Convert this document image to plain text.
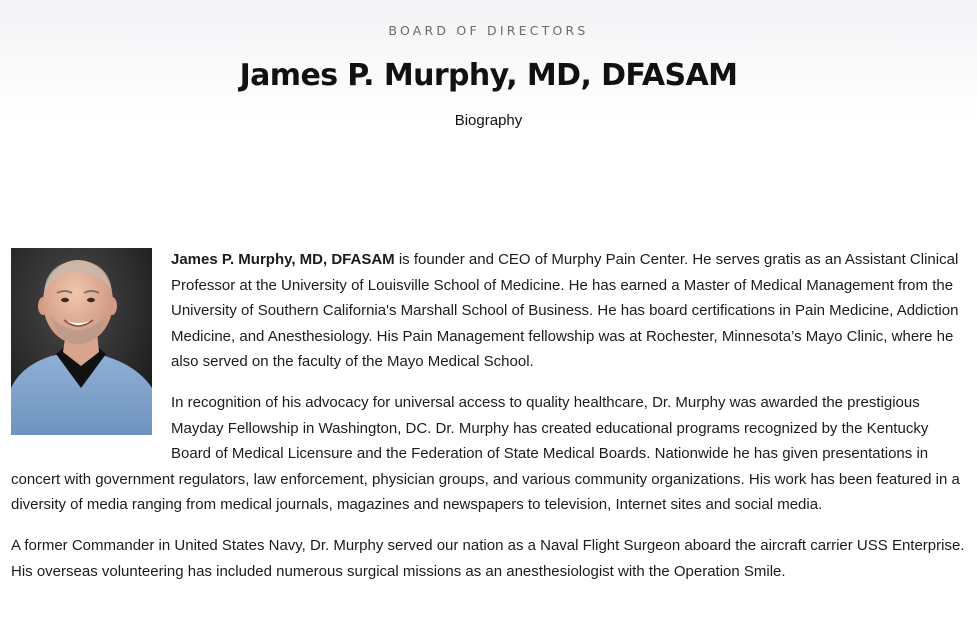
BOARD OF DIRECTORS
James P. Murphy, MD, DFASAM
Biography

James P. Murphy, MD, DFASAM is founder and CEO of Murphy Pain Center. He serves gratis as an Assistant Clinical Professor at the University of Louisville School of Medicine. He has earned a Master of Medical Management from the University of Southern California's Marshall School of Business. He has board certifications in Pain Medicine, Addiction Medicine, and Anesthesiology. His Pain Management fellowship was at Rochester, Minnesota’s Mayo Clinic, where he also served on the faculty of the Mayo Medical School.

In recognition of his advocacy for universal access to quality healthcare, Dr. Murphy was awarded the prestigious Mayday Fellowship in Washington, DC. Dr. Murphy has created educational programs recognized by the Kentucky Board of Medical Licensure and the Federation of State Medical Boards. Nationwide he has given presentations in concert with government regulators, law enforcement, physician groups, and various community organizations. His work has been featured in a diversity of media ranging from medical journals, magazines and newspapers to television, Internet sites and social media.

A former Commander in United States Navy, Dr. Murphy served our nation as a Naval Flight Surgeon aboard the aircraft carrier USS Enterprise. His overseas volunteering has included numerous surgical missions as an anesthesiologist with the Operation Smile.
